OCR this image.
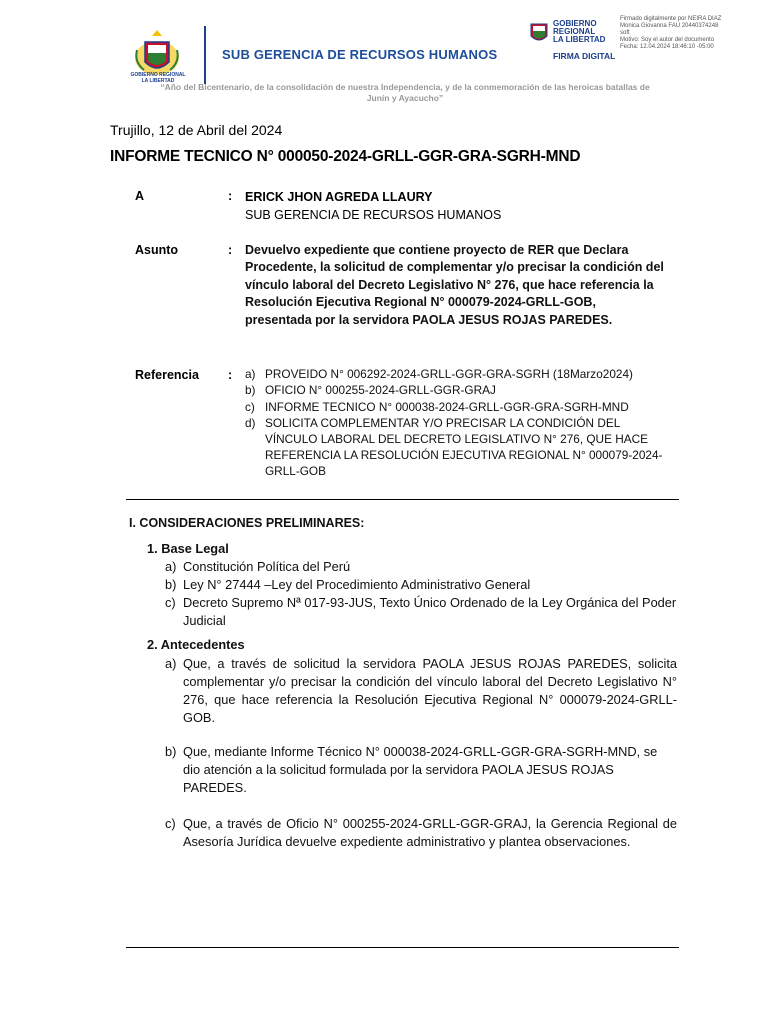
GOBIERNO REGIONAL LA LIBERTAD
SUB GERENCIA DE RECURSOS HUMANOS
“Año del Bicentenario, de la consolidación de nuestra Independencia, y de la conmemoración de las heroicas batallas de
Junín y Ayacucho”
GOBIERNO
REGIONAL
LA LIBERTAD
FIRMA DIGITAL
Firmado digitalmente por NEIRA DIAZ
Monica Giovanna FAU 20440374248
soft
Motivo: Soy el autor del documento
Fecha: 12.04.2024 18:46:10 -05:00
Trujillo, 12 de Abril del 2024
INFORME TECNICO N° 000050-2024-GRLL-GGR-GRA-SGRH-MND
A	: ERICK JHON AGREDA LLAURY
SUB GERENCIA DE RECURSOS HUMANOS
Asunto	: Devuelvo expediente que contiene proyecto de RER que Declara Procedente, la solicitud de complementar y/o precisar la condición del vínculo laboral del Decreto Legislativo N° 276, que hace referencia la Resolución Ejecutiva Regional N° 000079-2024-GRLL-GOB, presentada por la servidora PAOLA JESUS ROJAS PAREDES.
Referencia : a) PROVEIDO N° 006292-2024-GRLL-GGR-GRA-SGRH (18Marzo2024)
b) OFICIO N° 000255-2024-GRLL-GGR-GRAJ
c) INFORME TECNICO N° 000038-2024-GRLL-GGR-GRA-SGRH-MND
d) SOLICITA COMPLEMENTAR Y/O PRECISAR LA CONDICIÓN DEL VÍNCULO LABORAL DEL DECRETO LEGISLATIVO N° 276, QUE HACE REFERENCIA LA RESOLUCIÓN EJECUTIVA REGIONAL N° 000079-2024-GRLL-GOB
I. CONSIDERACIONES PRELIMINARES:
1. Base Legal
a) Constitución Política del Perú
b) Ley N° 27444 –Ley del Procedimiento Administrativo General
c) Decreto Supremo Nª 017-93-JUS, Texto Único Ordenado de la Ley Orgánica del Poder Judicial
2. Antecedentes
a) Que, a través de solicitud la servidora PAOLA JESUS ROJAS PAREDES, solicita complementar y/o precisar la condición del vínculo laboral del Decreto Legislativo N° 276, que hace referencia la Resolución Ejecutiva Regional N° 000079-2024-GRLL-GOB.
b) Que, mediante Informe Técnico N° 000038-2024-GRLL-GGR-GRA-SGRH-MND, se dio atención a la solicitud formulada por la servidora PAOLA JESUS ROJAS PAREDES.
c) Que, a través de Oficio N° 000255-2024-GRLL-GGR-GRAJ, la Gerencia Regional de Asesoría Jurídica devuelve expediente administrativo y plantea observaciones.
